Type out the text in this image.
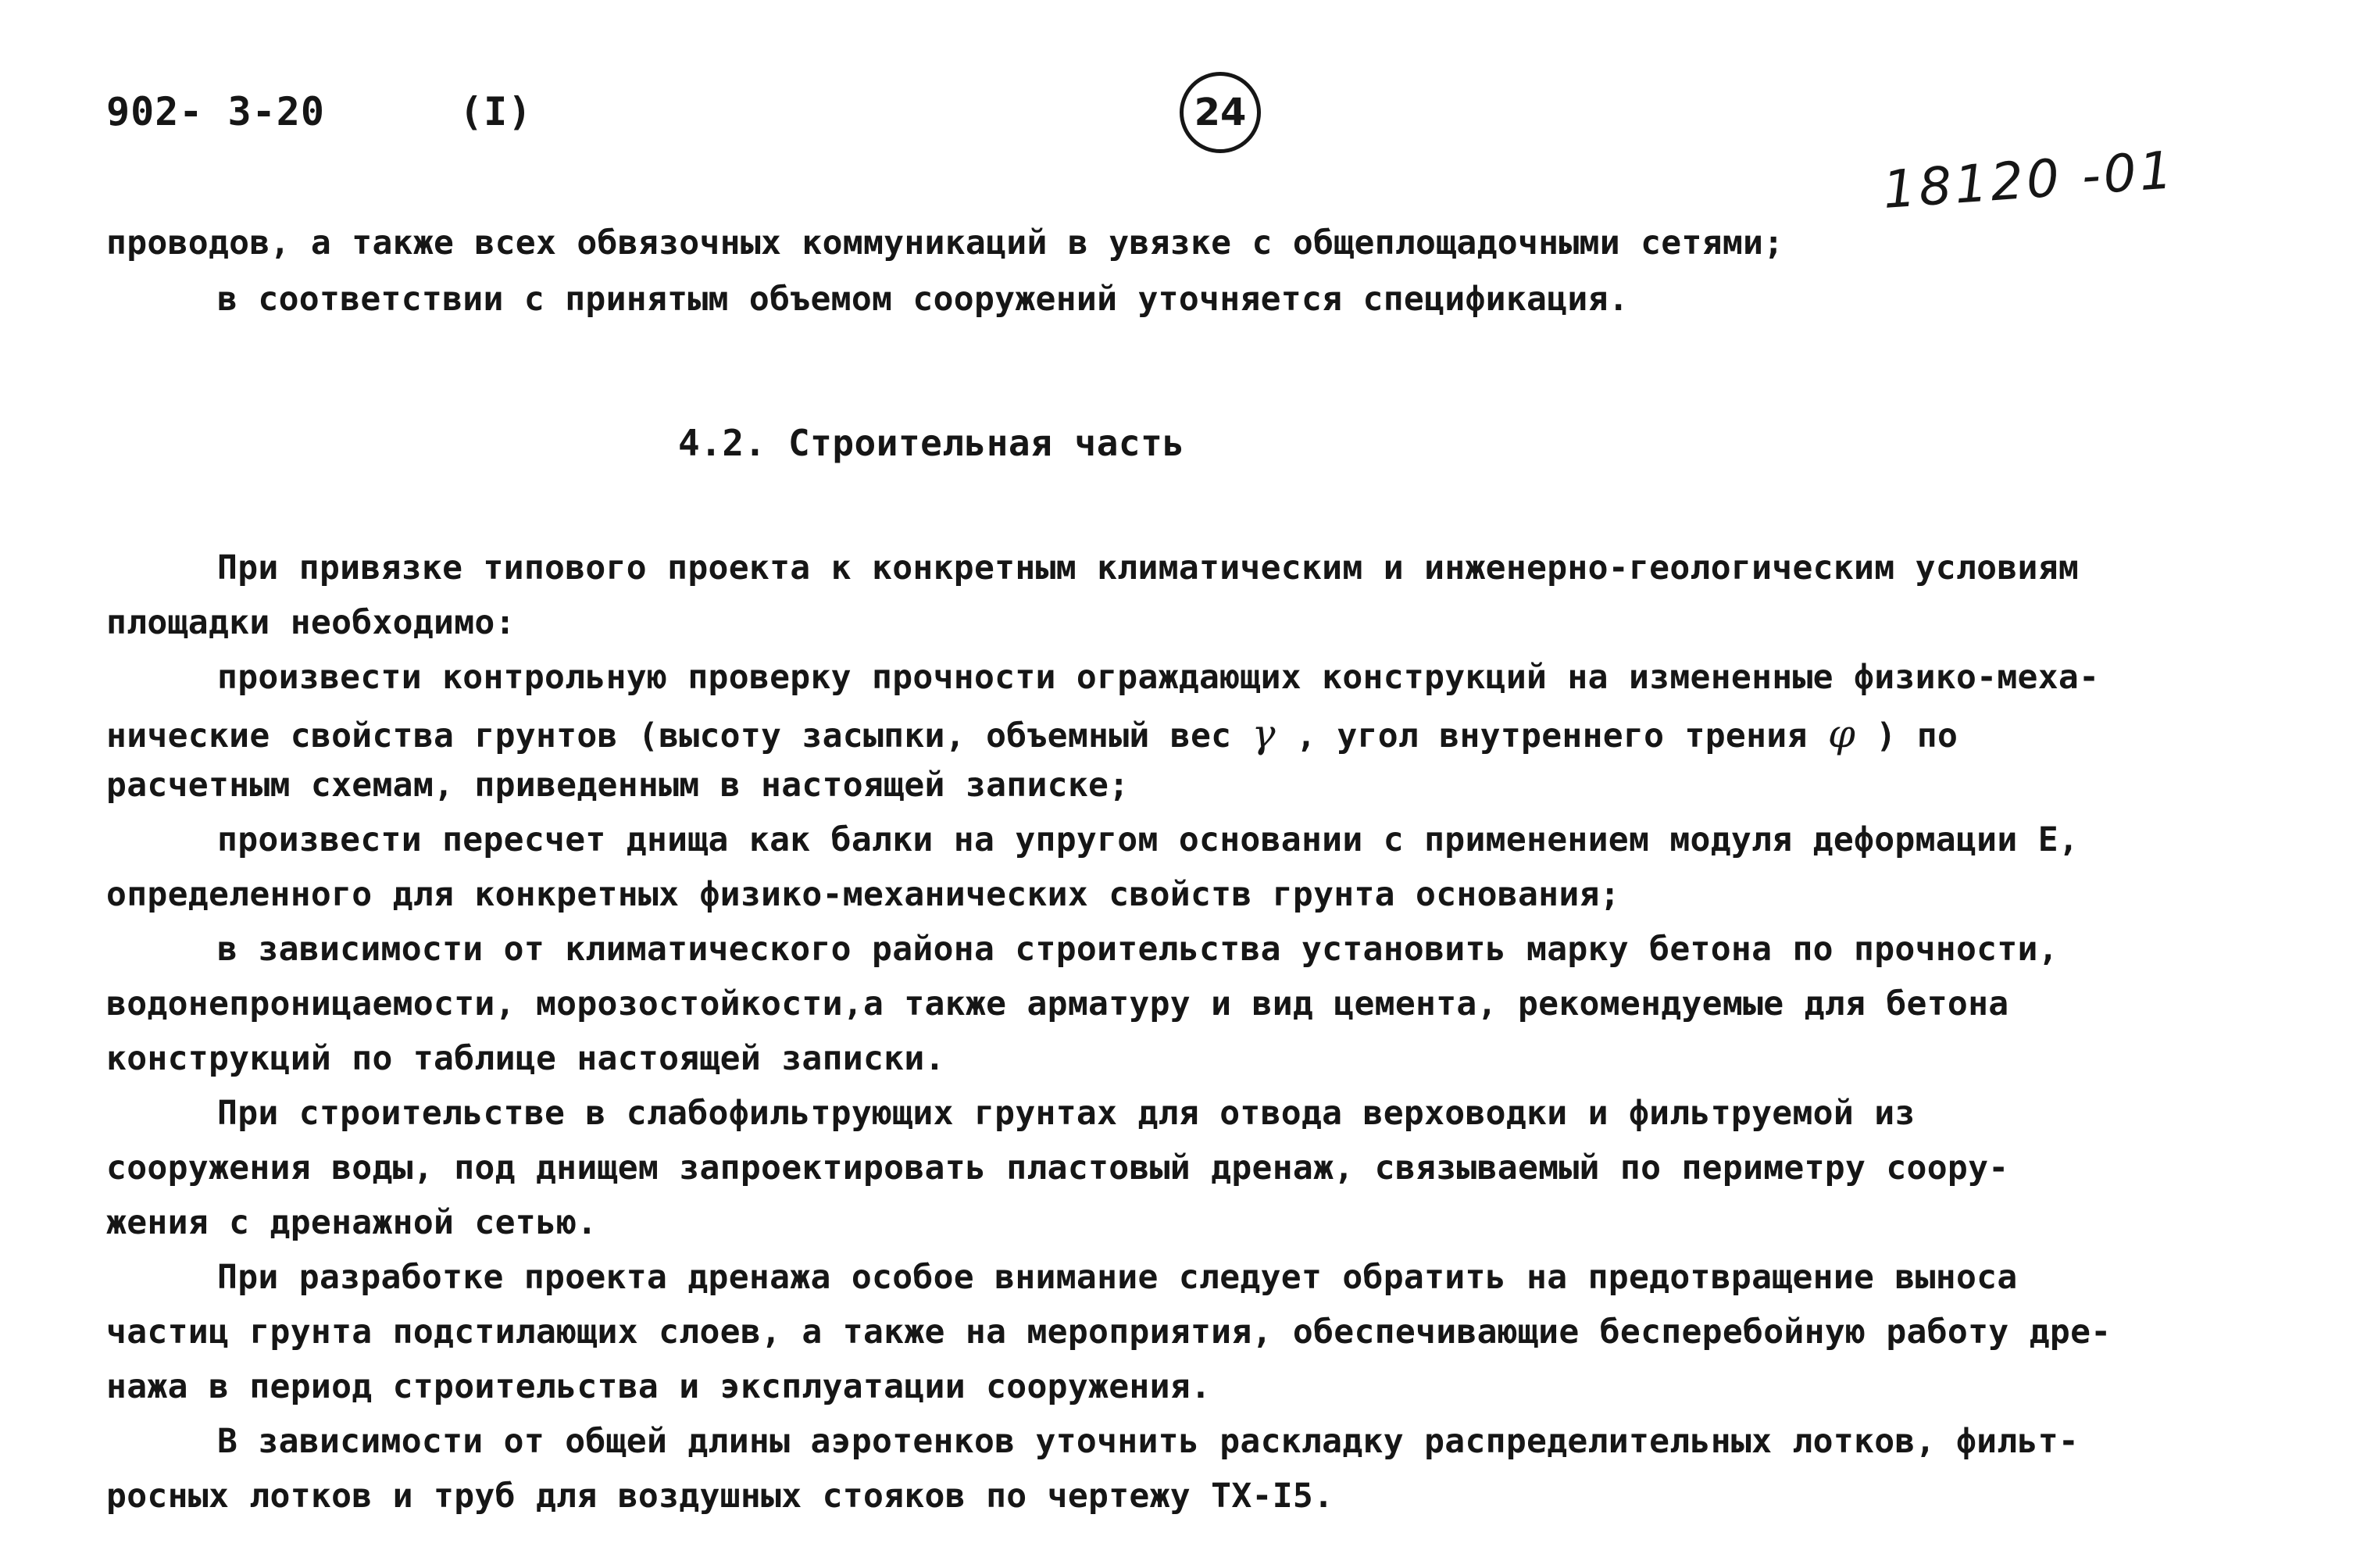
902- 3-20	(I)	24
18120 -01
проводов, а также всех обвязочных коммуникаций в увязке с общеплощадочными сетями;
в соответствии с принятым объемом сооружений уточняется спецификация.
4.2. Строительная часть
При привязке типового проекта к конкретным климатическим и инженерно-геологическим условиям
площадки необходимо:
произвести контрольную проверку прочности ограждающих конструкций на измененные физико-меха-
нические свойства грунтов (высоту засыпки, объемный вес γ , угол внутреннего трения φ ) по
расчетным схемам, приведенным в настоящей записке;
произвести пересчет днища как балки на упругом основании с применением модуля деформации Е,
определенного для конкретных физико-механических свойств грунта основания;
в зависимости от климатического района строительства установить марку бетона по прочности,
водонепроницаемости, морозостойкости,а также арматуру и вид цемента, рекомендуемые для бетона
конструкций по таблице настоящей записки.
При строительстве в слабофильтрующих грунтах для отвода верховодки и фильтруемой из
сооружения воды, под днищем запроектировать пластовый дренаж, связываемый по периметру соору-
жения с дренажной сетью.
При разработке проекта дренажа особое внимание следует обратить на предотвращение выноса
частиц грунта подстилающих слоев, а также на мероприятия, обеспечивающие бесперебойную работу дре-
нажа в период строительства и эксплуатации сооружения.
В зависимости от общей длины аэротенков уточнить раскладку распределительных лотков, фильт-
росных лотков и труб для воздушных стояков по чертежу ТХ-I5.
